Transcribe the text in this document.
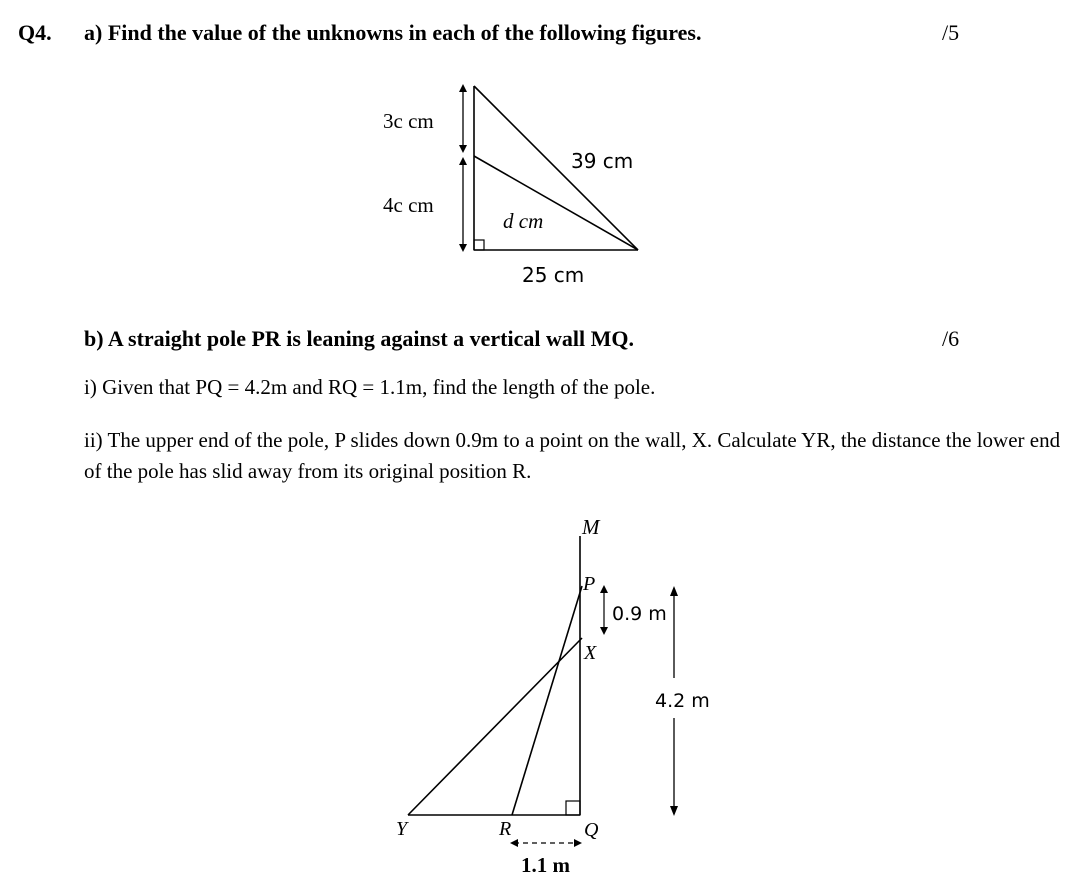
Q4. a) Find the value of the unknowns in each of the following figures.	/5
3c cm
4c cm
39 cm
d cm
25 cm
b) A straight pole PR is leaning against a vertical wall MQ.	/6
i) Given that PQ = 4.2m and RQ = 1.1m, find the length of the pole.
ii) The upper end of the pole, P slides down 0.9m to a point on the wall, X. Calculate YR, the distance the lower end of the pole has slid away from its original position R.
M
P
X
Y	R	Q
0.9 m
4.2 m
1.1 m
